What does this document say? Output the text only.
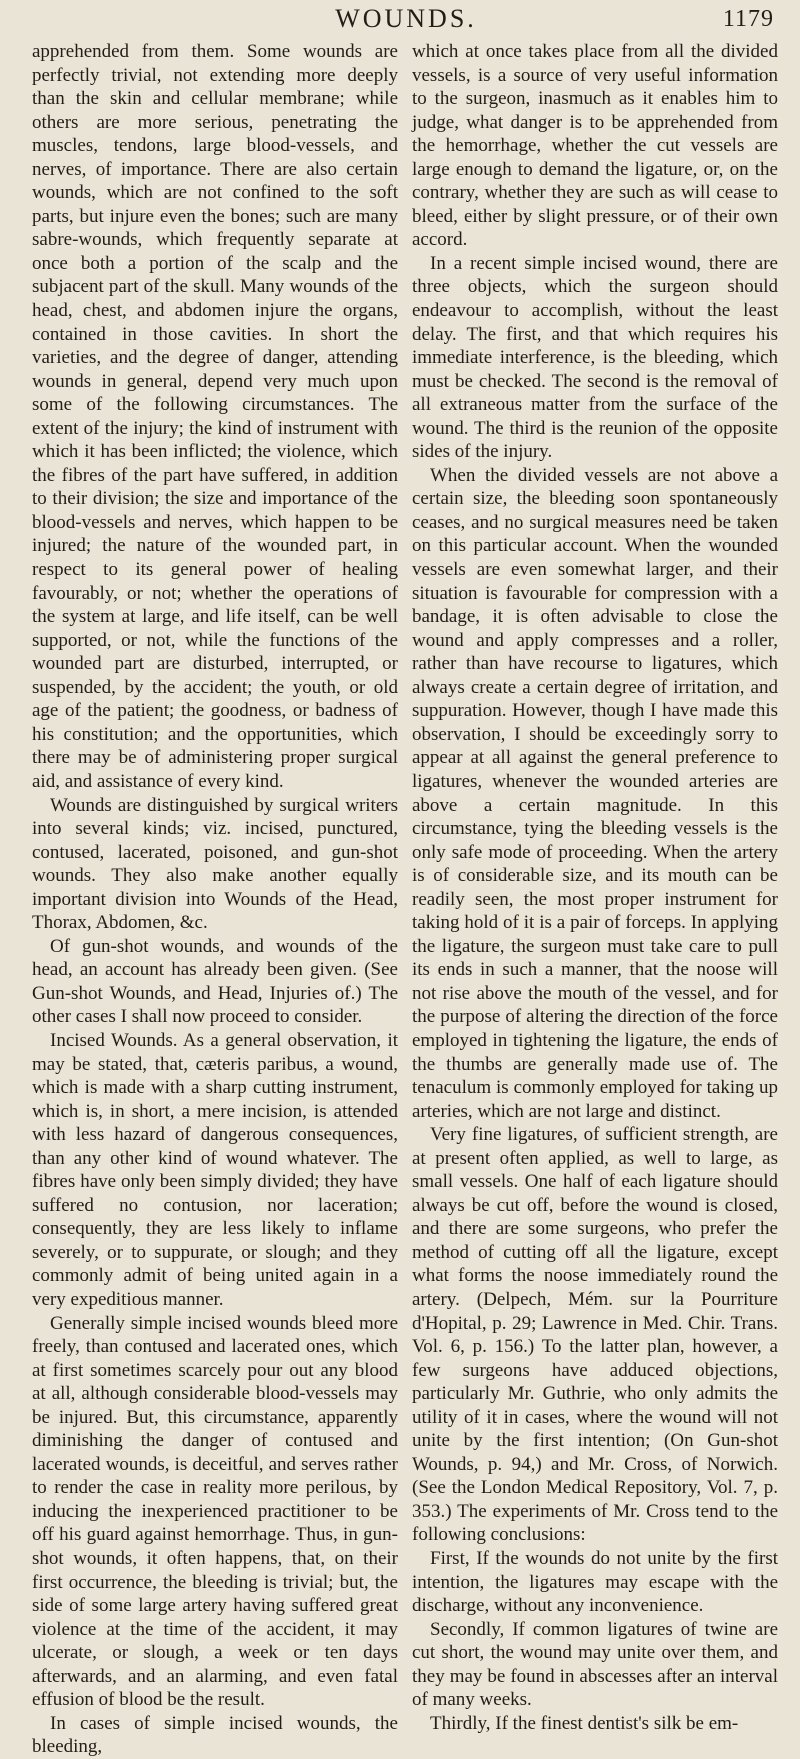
WOUNDS.	1179

apprehended from them. Some wounds are perfectly trivial, not extending more deeply than the skin and cellular membrane; while others are more serious, penetrating the muscles, tendons, large blood-vessels, and nerves, of importance. There are also certain wounds, which are not confined to the soft parts, but injure even the bones; such are many sabre-wounds, which frequently separate at once both a portion of the scalp and the subjacent part of the skull. Many wounds of the head, chest, and abdomen injure the organs, contained in those cavities. In short the varieties, and the degree of danger, attending wounds in general, depend very much upon some of the following circumstances. The extent of the injury; the kind of instrument with which it has been inflicted; the violence, which the fibres of the part have suffered, in addition to their division; the size and importance of the blood-vessels and nerves, which happen to be injured; the nature of the wounded part, in respect to its general power of healing favourably, or not; whether the operations of the system at large, and life itself, can be well supported, or not, while the functions of the wounded part are disturbed, interrupted, or suspended, by the accident; the youth, or old age of the patient; the goodness, or badness of his constitution; and the opportunities, which there may be of administering proper surgical aid, and assistance of every kind.

Wounds are distinguished by surgical writers into several kinds; viz. incised, punctured, contused, lacerated, poisoned, and gun-shot wounds. They also make another equally important division into Wounds of the Head, Thorax, Abdomen, &c.

Of gun-shot wounds, and wounds of the head, an account has already been given. (See Gun-shot Wounds, and Head, Injuries of.) The other cases I shall now proceed to consider.

Incised Wounds. As a general observation, it may be stated, that, cæteris paribus, a wound, which is made with a sharp cutting instrument, which is, in short, a mere incision, is attended with less hazard of dangerous consequences, than any other kind of wound whatever. The fibres have only been simply divided; they have suffered no contusion, nor laceration; consequently, they are less likely to inflame severely, or to suppurate, or slough; and they commonly admit of being united again in a very expeditious manner.

Generally simple incised wounds bleed more freely, than contused and lacerated ones, which at first sometimes scarcely pour out any blood at all, although considerable blood-vessels may be injured. But, this circumstance, apparently diminishing the danger of contused and lacerated wounds, is deceitful, and serves rather to render the case in reality more perilous, by inducing the inexperienced practitioner to be off his guard against hemorrhage. Thus, in gun-shot wounds, it often happens, that, on their first occurrence, the bleeding is trivial; but, the side of some large artery having suffered great violence at the time of the accident, it may ulcerate, or slough, a week or ten days afterwards, and an alarming, and even fatal effusion of blood be the result.

In cases of simple incised wounds, the bleeding,

which at once takes place from all the divided vessels, is a source of very useful information to the surgeon, inasmuch as it enables him to judge, what danger is to be apprehended from the hemorrhage, whether the cut vessels are large enough to demand the ligature, or, on the contrary, whether they are such as will cease to bleed, either by slight pressure, or of their own accord.

In a recent simple incised wound, there are three objects, which the surgeon should endeavour to accomplish, without the least delay. The first, and that which requires his immediate interference, is the bleeding, which must be checked. The second is the removal of all extraneous matter from the surface of the wound. The third is the reunion of the opposite sides of the injury.

When the divided vessels are not above a certain size, the bleeding soon spontaneously ceases, and no surgical measures need be taken on this particular account. When the wounded vessels are even somewhat larger, and their situation is favourable for compression with a bandage, it is often advisable to close the wound and apply compresses and a roller, rather than have recourse to ligatures, which always create a certain degree of irritation, and suppuration. However, though I have made this observation, I should be exceedingly sorry to appear at all against the general preference to ligatures, whenever the wounded arteries are above a certain magnitude. In this circumstance, tying the bleeding vessels is the only safe mode of proceeding. When the artery is of considerable size, and its mouth can be readily seen, the most proper instrument for taking hold of it is a pair of forceps. In applying the ligature, the surgeon must take care to pull its ends in such a manner, that the noose will not rise above the mouth of the vessel, and for the purpose of altering the direction of the force employed in tightening the ligature, the ends of the thumbs are generally made use of. The tenaculum is commonly employed for taking up arteries, which are not large and distinct.

Very fine ligatures, of sufficient strength, are at present often applied, as well to large, as small vessels. One half of each ligature should always be cut off, before the wound is closed, and there are some surgeons, who prefer the method of cutting off all the ligature, except what forms the noose immediately round the artery. (Delpech, Mém. sur la Pourriture d'Hopital, p. 29; Lawrence in Med. Chir. Trans. Vol. 6, p. 156.) To the latter plan, however, a few surgeons have adduced objections, particularly Mr. Guthrie, who only admits the utility of it in cases, where the wound will not unite by the first intention; (On Gun-shot Wounds, p. 94,) and Mr. Cross, of Norwich. (See the London Medical Repository, Vol. 7, p. 353.) The experiments of Mr. Cross tend to the following conclusions:

First, If the wounds do not unite by the first intention, the ligatures may escape with the discharge, without any inconvenience.

Secondly, If common ligatures of twine are cut short, the wound may unite over them, and they may be found in abscesses after an interval of many weeks.

Thirdly, If the finest dentist's silk be em-
